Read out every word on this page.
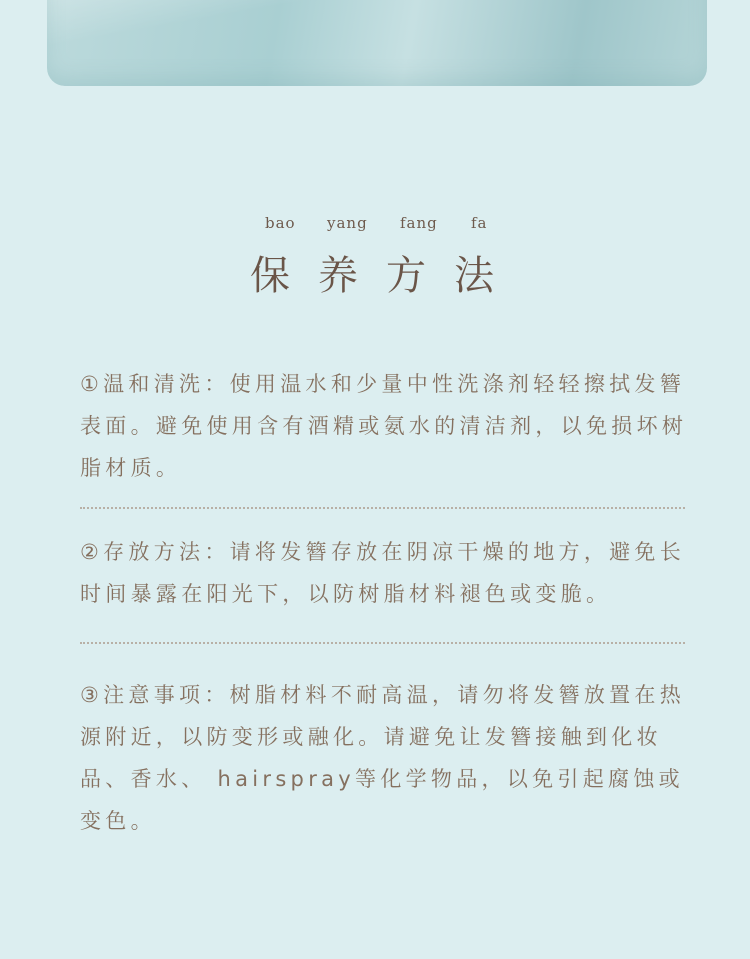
bao yang fang fa
保养方法
①温和清洗：使用温水和少量中性洗涤剂轻轻擦拭发簪表面。避免使用含有酒精或氨水的清洁剂，以免损坏树脂材质。
②存放方法：请将发簪存放在阴凉干燥的地方，避免长时间暴露在阳光下，以防树脂材料褪色或变脆。
③注意事项：树脂材料不耐高温，请勿将发簪放置在热源附近，以防变形或融化。请避免让发簪接触到化妆品、香水、 hairspray等化学物品，以免引起腐蚀或变色。
